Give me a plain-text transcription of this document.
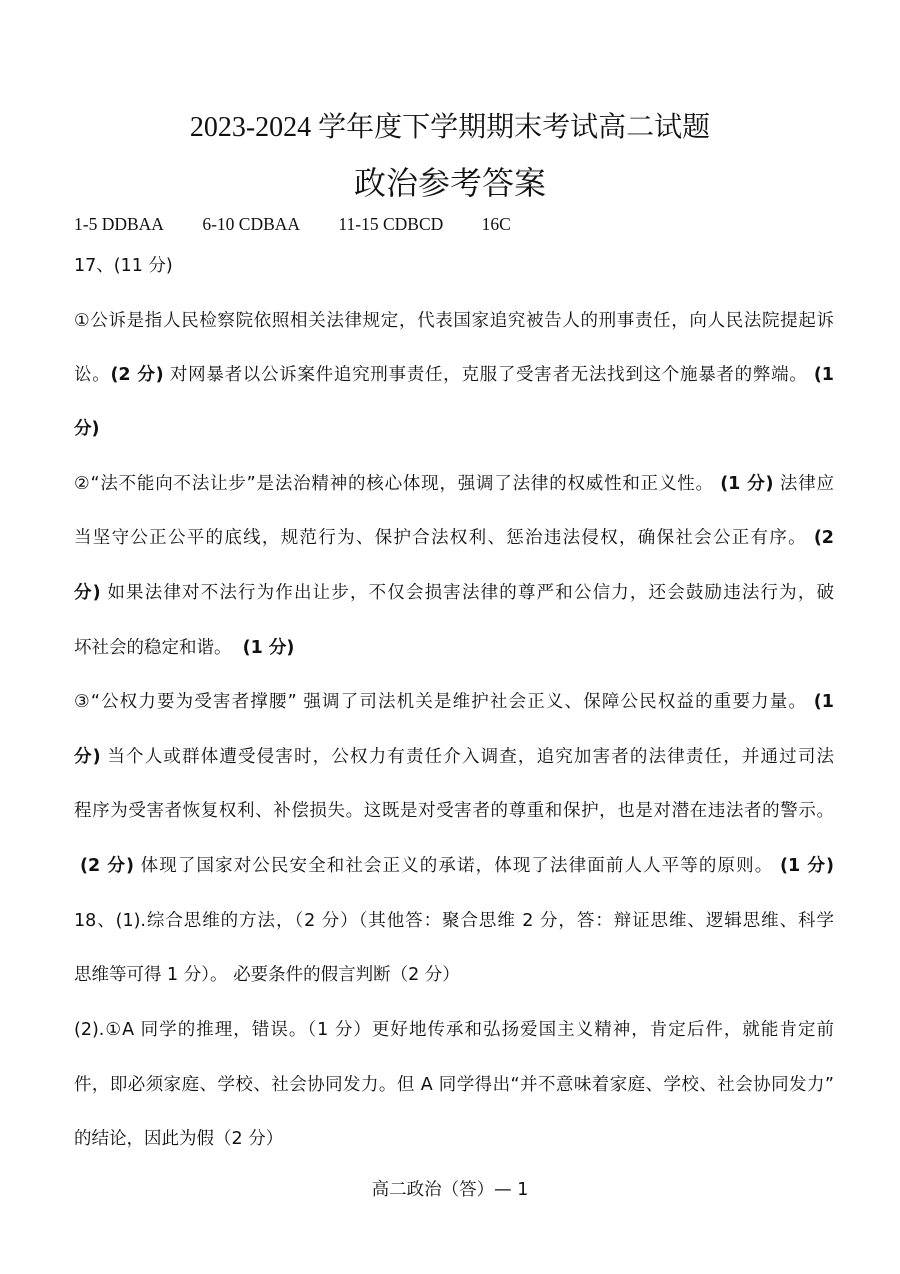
2023-2024 学年度下学期期末考试高二试题
政治参考答案
1-5 DDBAA 6-10 CDBAA 11-15 CDBCD 16C
17、(11 分)
①公诉是指人民检察院依照相关法律规定，代表国家追究被告人的刑事责任，向人民法院提起诉
讼。(2 分) 对网暴者以公诉案件追究刑事责任，克服了受害者无法找到这个施暴者的弊端。 (1
分)
②“法不能向不法让步”是法治精神的核心体现，强调了法律的权威性和正义性。 (1 分) 法律应
当坚守公正公平的底线，规范行为、保护合法权利、惩治违法侵权，确保社会公正有序。 (2
分) 如果法律对不法行为作出让步，不仅会损害法律的尊严和公信力，还会鼓励违法行为，破
坏社会的稳定和谐。 (1 分)
③“公权力要为受害者撑腰” 强调了司法机关是维护社会正义、保障公民权益的重要力量。 (1
分) 当个人或群体遭受侵害时，公权力有责任介入调查，追究加害者的法律责任，并通过司法
程序为受害者恢复权利、补偿损失。这既是对受害者的尊重和保护，也是对潜在违法者的警示。
(2 分) 体现了国家对公民安全和社会正义的承诺，体现了法律面前人人平等的原则。 (1 分)
18、(1).综合思维的方法，（2 分）（其他答：聚合思维 2 分，答：辩证思维、逻辑思维、科学
思维等可得 1 分）。 必要条件的假言判断（2 分）
(2).①A 同学的推理，错误。（1 分）更好地传承和弘扬爱国主义精神，肯定后件，就能肯定前
件，即必须家庭、学校、社会协同发力。但 A 同学得出“并不意味着家庭、学校、社会协同发力”
的结论，因此为假（2 分）
高二政治（答）— 1
